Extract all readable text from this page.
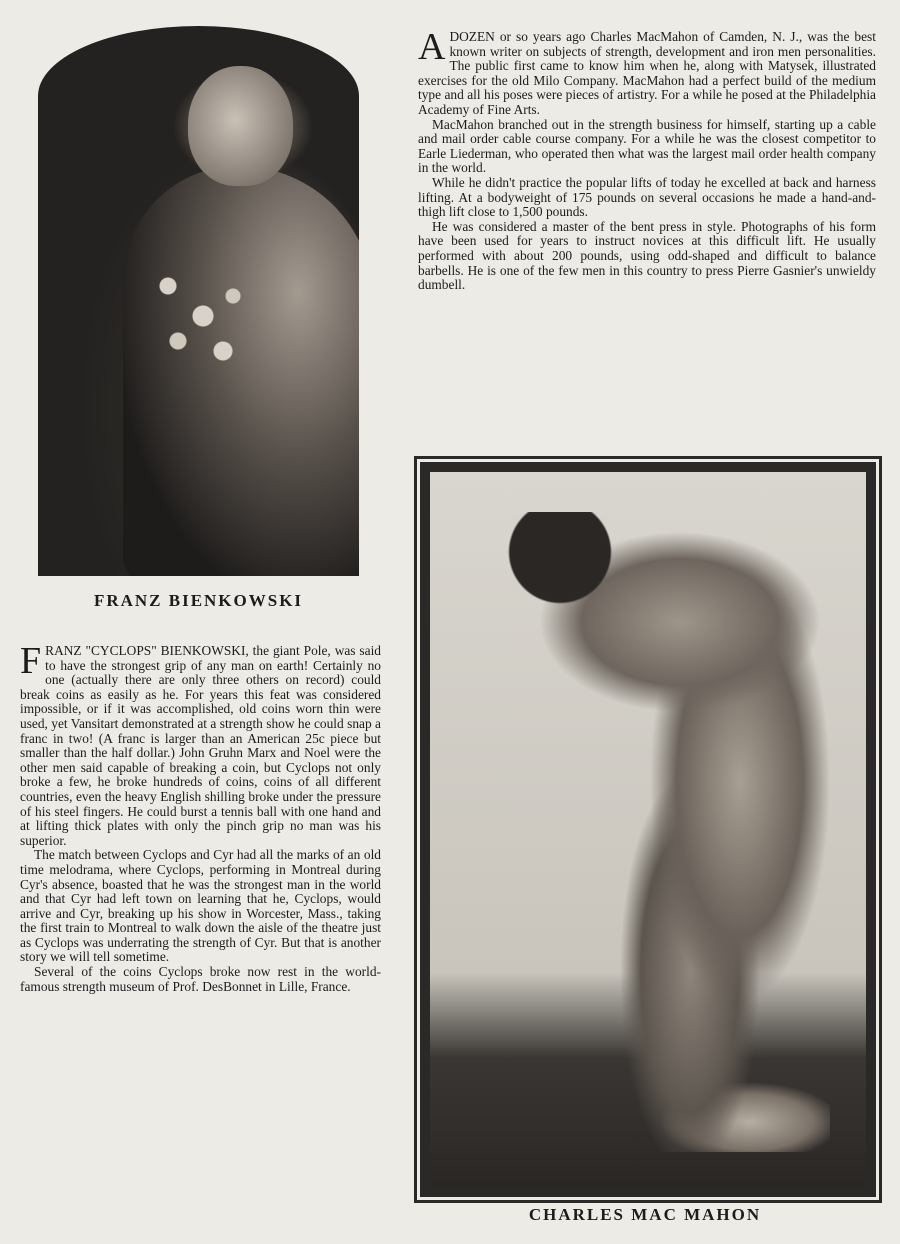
FRANZ BIENKOWSKI
CHARLES MAC MAHON

ADOZEN or so years ago Charles MacMahon of Camden, N. J., was the best known writer on subjects of strength, development and iron men personalities. The public first came to know him when he, along with Matysek, illustrated exercises for the old Milo Company. MacMahon had a perfect build of the medium type and all his poses were pieces of artistry. For a while he posed at the Philadelphia Academy of Fine Arts.

MacMahon branched out in the strength business for himself, starting up a cable and mail order cable course company. For a while he was the closest competitor to Earle Liederman, who operated then what was the largest mail order health company in the world.

While he didn't practice the popular lifts of today he excelled at back and harness lifting. At a bodyweight of 175 pounds on several occasions he made a hand-and-thigh lift close to 1,500 pounds.

He was considered a master of the bent press in style. Photographs of his form have been used for years to instruct novices at this difficult lift. He usually performed with about 200 pounds, using odd-shaped and difficult to balance barbells. He is one of the few men in this country to press Pierre Gasnier's unwieldy dumbell.

FRANZ "CYCLOPS" BIENKOWSKI, the giant Pole, was said to have the strongest grip of any man on earth! Certainly no one (actually there are only three others on record) could break coins as easily as he. For years this feat was considered impossible, or if it was accomplished, old coins worn thin were used, yet Vansitart demonstrated at a strength show he could snap a franc in two! (A franc is larger than an American 25c piece but smaller than the half dollar.) John Gruhn Marx and Noel were the other men said capable of breaking a coin, but Cyclops not only broke a few, he broke hundreds of coins, coins of all different countries, even the heavy English shilling broke under the pressure of his steel fingers. He could burst a tennis ball with one hand and at lifting thick plates with only the pinch grip no man was his superior.

The match between Cyclops and Cyr had all the marks of an old time melodrama, where Cyclops, performing in Montreal during Cyr's absence, boasted that he was the strongest man in the world and that Cyr had left town on learning that he, Cyclops, would arrive and Cyr, breaking up his show in Worcester, Mass., taking the first train to Montreal to walk down the aisle of the theatre just as Cyclops was underrating the strength of Cyr. But that is another story we will tell sometime.

Several of the coins Cyclops broke now rest in the world-famous strength museum of Prof. DesBonnet in Lille, France.
